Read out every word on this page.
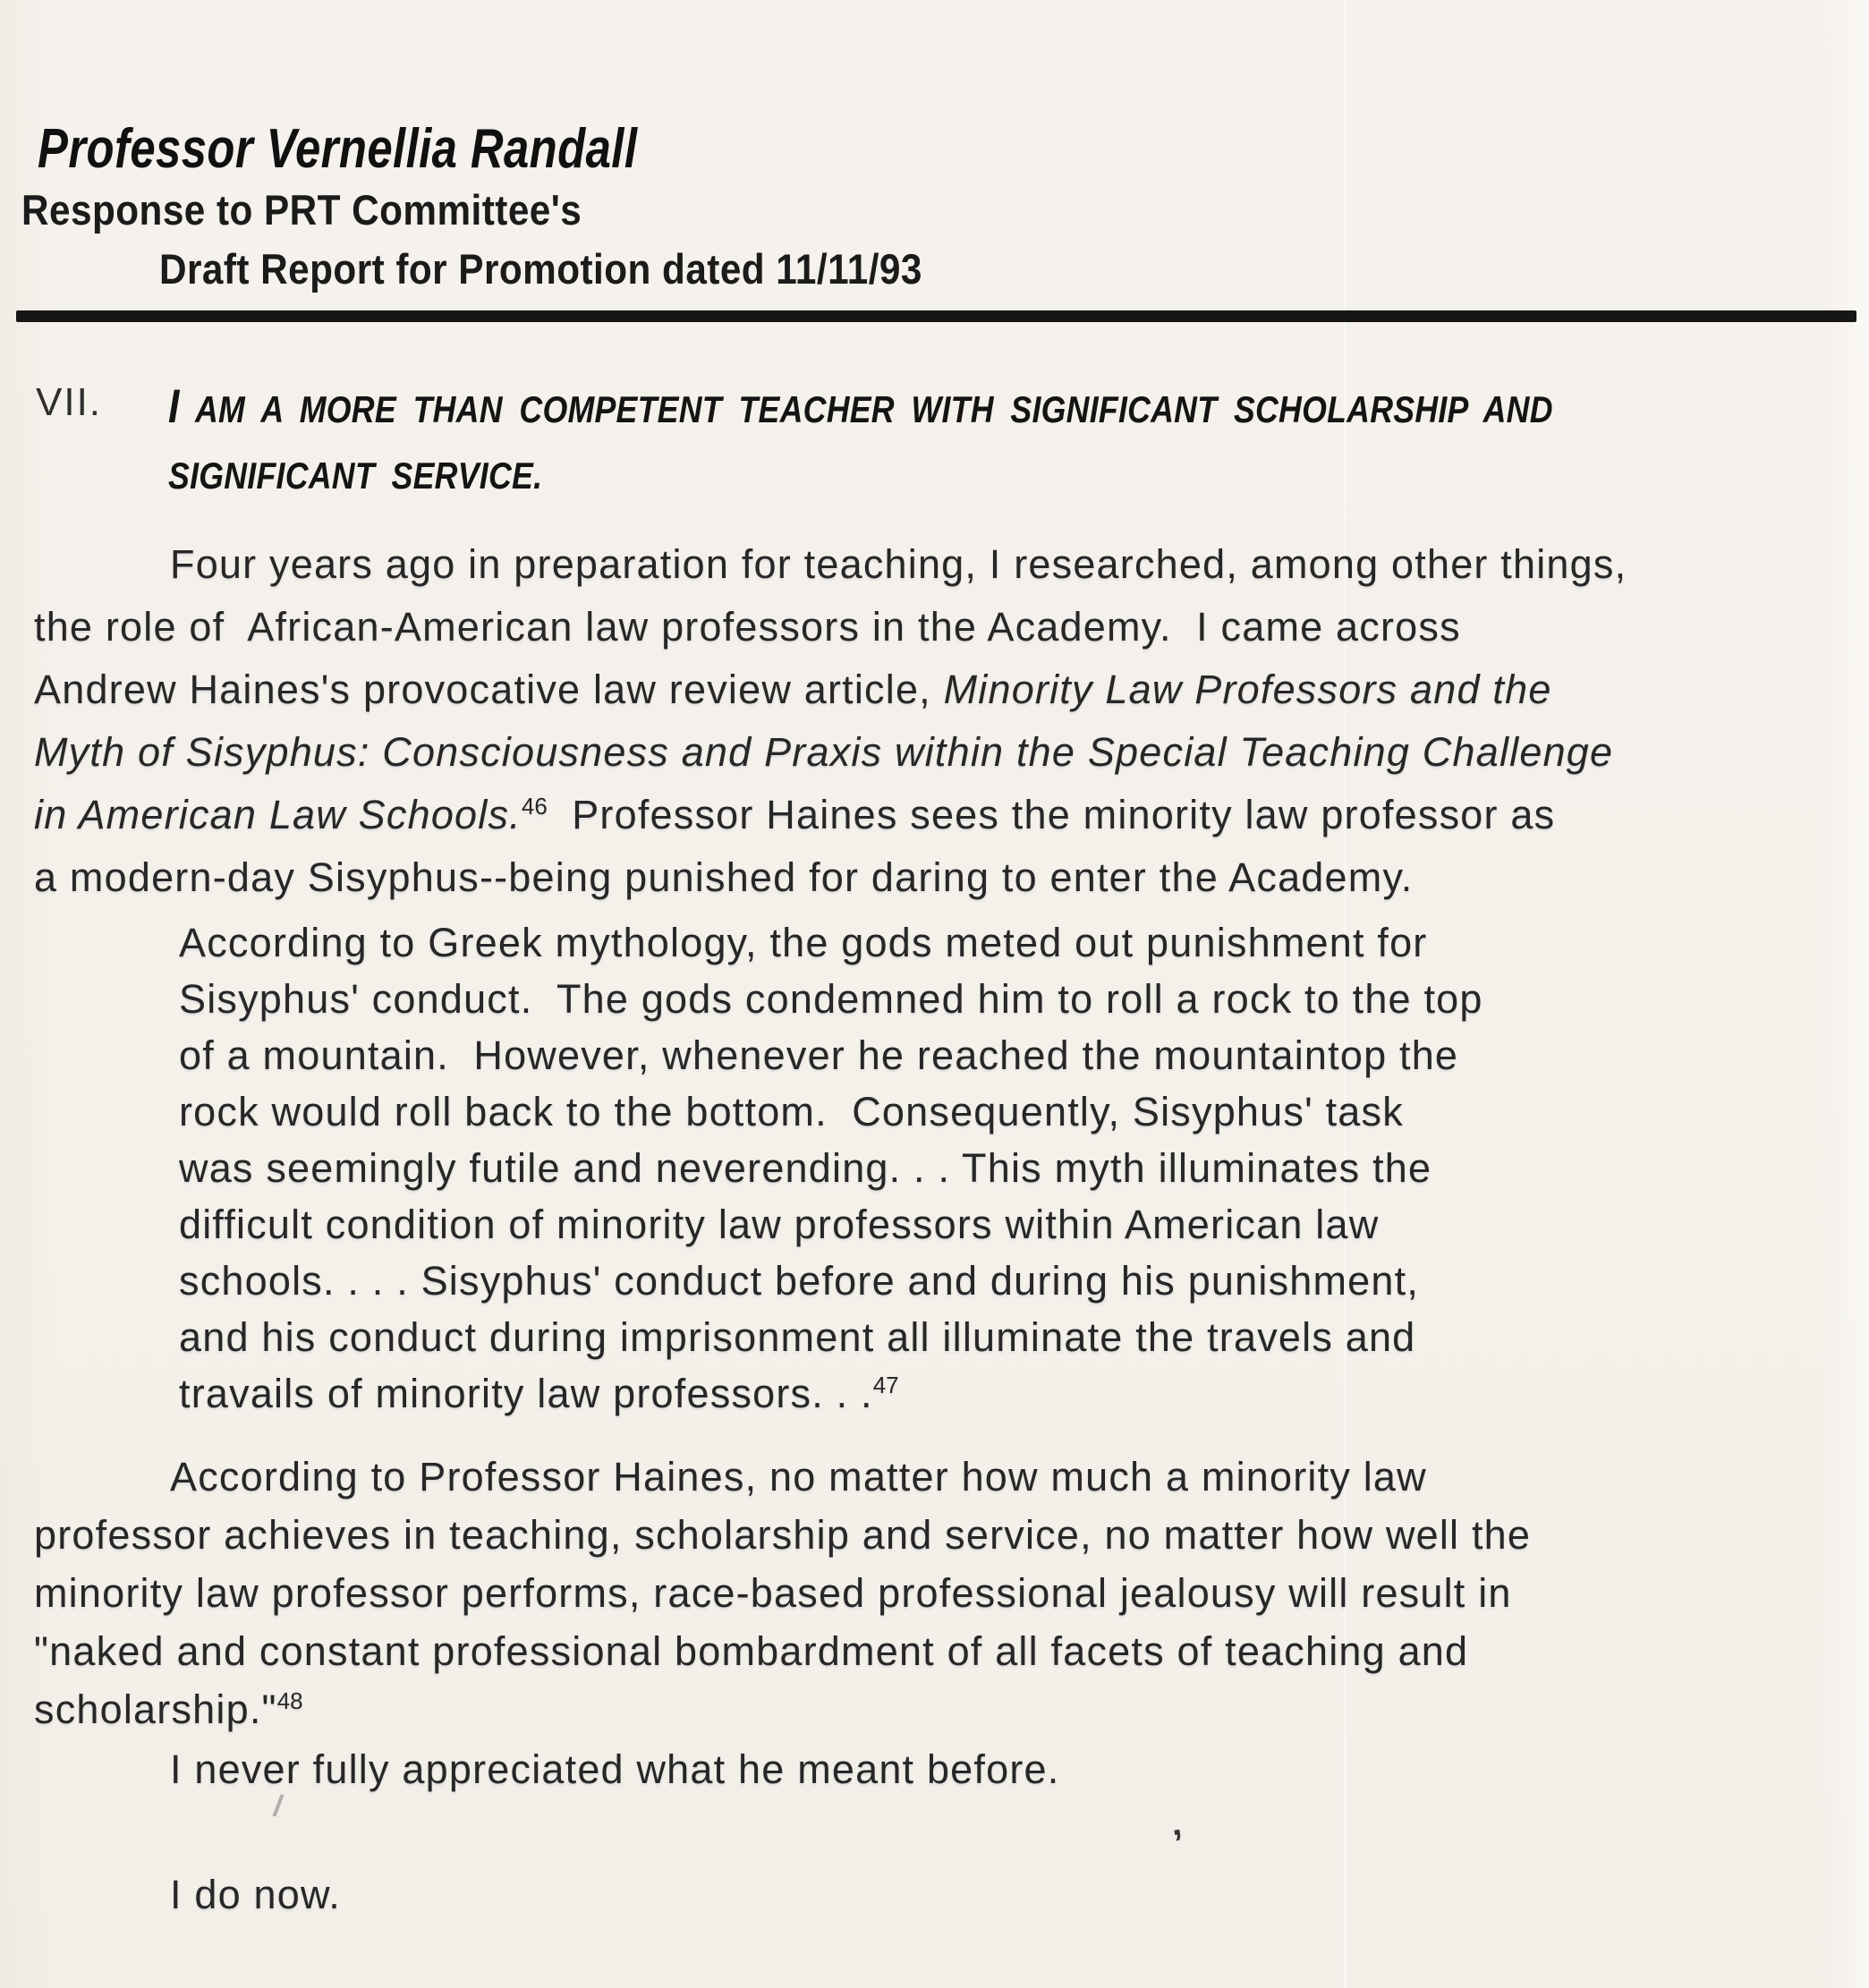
Professor Vernellia Randall
Response to PRT Committee's
Draft Report for Promotion dated 11/11/93
VII. I AM A MORE THAN COMPETENT TEACHER WITH SIGNIFICANT SCHOLARSHIP AND
SIGNIFICANT SERVICE.
Four years ago in preparation for teaching, I researched, among other things,
the role of  African-American law professors in the Academy.  I came across
Andrew Haines's provocative law review article, Minority Law Professors and the
Myth of Sisyphus: Consciousness and Praxis within the Special Teaching Challenge
in American Law Schools.$^{46}$  Professor Haines sees the minority law professor as
a modern-day Sisyphus--being punished for daring to enter the Academy.
According to Greek mythology, the gods meted out punishment for
Sisyphus' conduct.  The gods condemned him to roll a rock to the top
of a mountain.  However, whenever he reached the mountaintop the
rock would roll back to the bottom.  Consequently, Sisyphus' task
was seemingly futile and neverending. . . This myth illuminates the
difficult condition of minority law professors within American law
schools. . . . Sisyphus' conduct before and during his punishment,
and his conduct during imprisonment all illuminate the travels and
travails of minority law professors. . .$^{47}$
According to Professor Haines, no matter how much a minority law
professor achieves in teaching, scholarship and service, no matter how well the
minority law professor performs, race-based professional jealousy will result in
"naked and constant professional bombardment of all facets of teaching and
scholarship."$^{48}$
I never fully appreciated what he meant before.
I do now.
’
/
